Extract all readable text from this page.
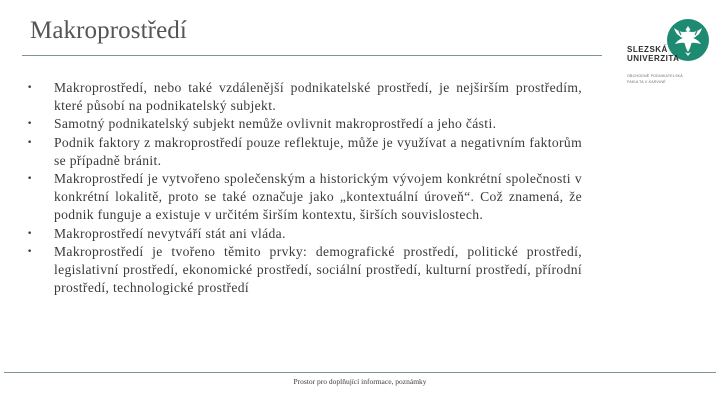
Makroprostředí
SLEZSKÁ
UNIVERZITA
OBCHODNĚ PODNIKATELSKÁ
FAKULTA V KARVINÉ
•	Makroprostředí, nebo také vzdálenější podnikatelské prostředí, je nejširším prostředím, které působí na podnikatelský subjekt.
•	Samotný podnikatelský subjekt nemůže ovlivnit makroprostředí a jeho části.
•	Podnik faktory z makroprostředí pouze reflektuje, může je využívat a negativním faktorům se případně bránit.
•	Makroprostředí je vytvořeno společenským a historickým vývojem konkrétní společnosti v konkrétní lokalitě, proto se také označuje jako „kontextuální úroveň“. Což znamená, že podnik funguje a existuje v určitém širším kontextu, širších souvislostech.
•	Makroprostředí nevytváří stát ani vláda.
•	Makroprostředí je tvořeno těmito prvky: demografické prostředí, politické prostředí, legislativní prostředí, ekonomické prostředí, sociální prostředí, kulturní prostředí, přírodní prostředí, technologické prostředí
Prostor pro doplňující informace, poznámky
